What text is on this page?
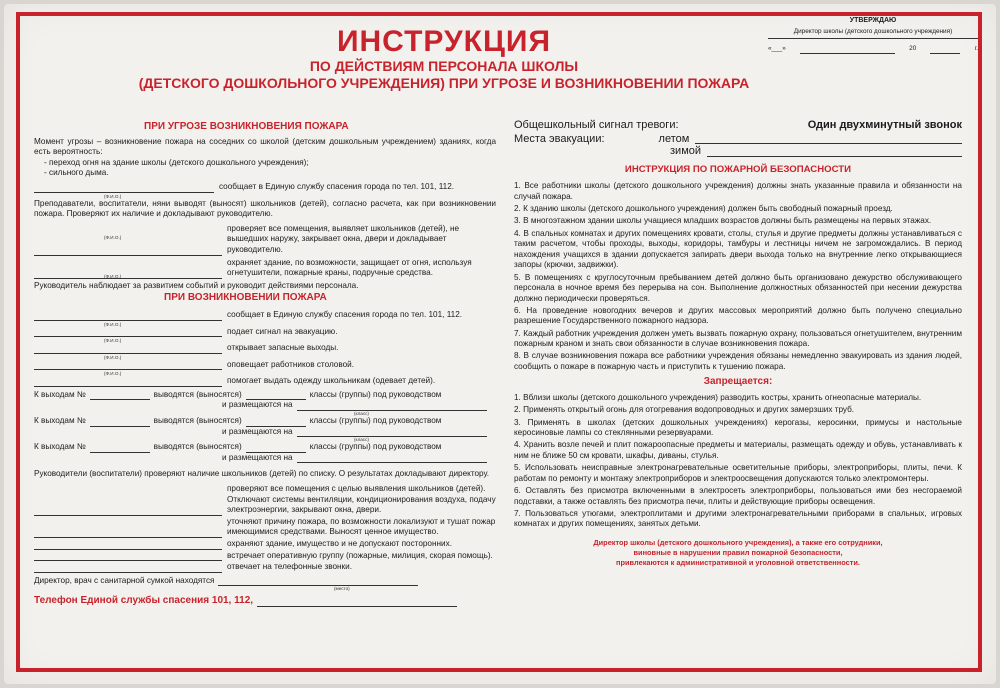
УТВЕРЖДАЮ
Директор школы (детского дошкольного учреждения)
«___»	20	г.
ИНСТРУКЦИЯ
ПО ДЕЙСТВИЯМ ПЕРСОНАЛА ШКОЛЫ
(ДЕТСКОГО ДОШКОЛЬНОГО УЧРЕЖДЕНИЯ) ПРИ УГРОЗЕ И ВОЗНИКНОВЕНИИ ПОЖАРА
ПРИ УГРОЗЕ ВОЗНИКНОВЕНИЯ ПОЖАРА
Момент угрозы – возникновение пожара на соседних со школой (детским дошкольным учреждением) зданиях, когда есть вероятность:
- переход огня на здание школы (детского дошкольного учреждения);
- сильного дыма.
сообщает в Единую службу спасения города по тел. 101, 112.
(Ф.И.О.)
Преподаватели, воспитатели, няни выводят (выносят) школьников (детей), согласно расчета, как при возникновении пожара. Проверяют их наличие и докладывают руководителю.
проверяет все помещения, выявляет школьников (детей), не вышедших наружу, закрывает окна, двери и докладывает руководителю.
(Ф.И.О.)
охраняет здание, по возможности, защищает от огня, используя огнетушители, пожарные краны, подручные средства.
(Ф.И.О.)
Руководитель наблюдает за развитием событий и руководит действиями персонала.
ПРИ ВОЗНИКНОВЕНИИ ПОЖАРА
сообщает в Единую службу спасения города по тел. 101, 112.
(Ф.И.О.)
подает сигнал на эвакуацию.
(Ф.И.О.)
открывает запасные выходы.
(Ф.И.О.)
оповещает работников столовой.
(Ф.И.О.)
помогает выдать одежду школьникам (одевает детей).
К выходам №	выводятся (выносятся)	классы (группы) под руководством
и размещаются на
(класс)
К выходам №	выводятся (выносятся)	классы (группы) под руководством
и размещаются на
(класс)
К выходам №	выводятся (выносятся)	классы (группы) под руководством
и размещаются на
Руководители (воспитатели) проверяют наличие школьников (детей) по списку. О результатах докладывают директору.
проверяют все помещения с целью выявления школьников (детей). Отключают системы вентиляции, кондиционирования воздуха, подачу электроэнергии, закрывают окна, двери.
уточняют причину пожара, по возможности локализуют и тушат пожар имеющимися средствами. Выносят ценное имущество.
охраняют здание, имущество и не допускают посторонних.
встречает оперативную группу (пожарные, милиция, скорая помощь).
отвечает на телефонные звонки.
Директор, врач с санитарной сумкой находятся
(место)
Телефон Единой службы спасения 101, 112,
Общешкольный сигнал тревоги:	Один двухминутный звонок
Места эвакуации:	летом
зимой
ИНСТРУКЦИЯ ПО ПОЖАРНОЙ БЕЗОПАСНОСТИ

1. Все работники школы (детского дошкольного учреждения) должны знать указанные правила и обязанности на случай пожара.

2. К зданию школы (детского дошкольного учреждения) должен быть свободный пожарный проезд.

3. В многоэтажном здании школы учащиеся младших возрастов должны быть размещены на первых этажах.

4. В спальных комнатах и других помещениях кровати, столы, стулья и другие предметы должны устанавливаться с таким расчетом, чтобы проходы, выходы, коридоры, тамбуры и лестницы ничем не загромождались. В период нахождения учащихся в здании допускается запирать двери выхода только на внутренние легко открывающиеся запоры (крючки, задвижки).

5. В помещениях с круглосуточным пребыванием детей должно быть организовано дежурство обслуживающего персонала в ночное время без перерыва на сон. Выполнение должностных обязанностей при несении дежурства должно периодически проверяться.

6. На проведение новогодних вечеров и других массовых мероприятий должно быть получено специально разрешение Государственного пожарного надзора.

7. Каждый работник учреждения должен уметь вызвать пожарную охрану, пользоваться огнетушителем, внутренним пожарным краном и знать свои обязанности в случае возникновения пожара.

8. В случае возникновения пожара все работники учреждения обязаны немедленно эвакуировать из здания людей, сообщить о пожаре в пожарную часть и приступить к тушению пожара.

Запрещается:

1. Вблизи школы (детского дошкольного учреждения) разводить костры, хранить огнеопасные материалы.

2. Применять открытый огонь для отогревания водопроводных и других замерзших труб.

3. Применять в школах (детских дошкольных учреждениях) керогазы, керосинки, примусы и настольные керосиновые лампы со стеклянными резервуарами.

4. Хранить возле печей и плит пожароопасные предметы и материалы, размещать одежду и обувь, устанавливать к ним не ближе 50 см кровати, шкафы, диваны, стулья.

5. Использовать неисправные электронагревательные осветительные приборы, электроприборы, плиты, печи. К работам по ремонту и монтажу электроприборов и электроосвещения допускаются только электромонтеры.

6. Оставлять без присмотра включенными в электросеть электроприборы, пользоваться ими без несгораемой подставки, а также оставлять без присмотра печи, плиты и действующие приборы освещения.

7. Пользоваться утюгами, электроплитами и другими электронагревательными приборами в спальных, игровых комнатах и других помещениях, занятых детьми.

Директор школы (детского дошкольного учреждения), а также его сотрудники,
виновные в нарушении правил пожарной безопасности,
привлекаются к административной и уголовной ответственности.
